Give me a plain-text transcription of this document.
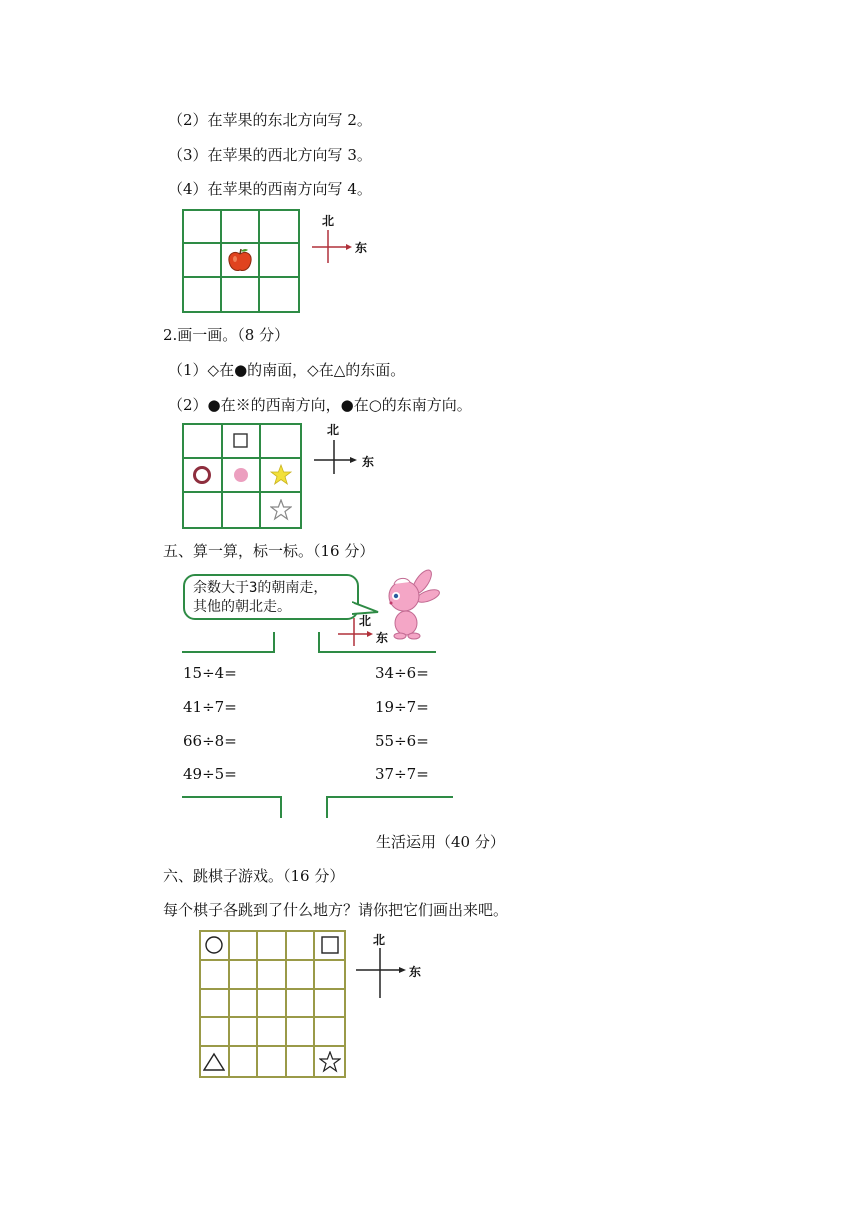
（2）在苹果的东北方向写 2。
（3）在苹果的西北方向写 3。
（4）在苹果的西南方向写 4。
北
东
2.画一画。（8 分）
（1）◇在●的南面，◇在△的东面。
（2）●在※的西南方向，●在○的东南方向。
北
东
五、算一算，标一标。（16 分）
余数大于3的朝南走，
其他的朝北走。
北
东
15÷4=
41÷7=
66÷8=
49÷5=
34÷6=
19÷7=
55÷6=
37÷7=
生活运用（40 分）
六、跳棋子游戏。（16 分）
每个棋子各跳到了什么地方？请你把它们画出来吧。
北
东
